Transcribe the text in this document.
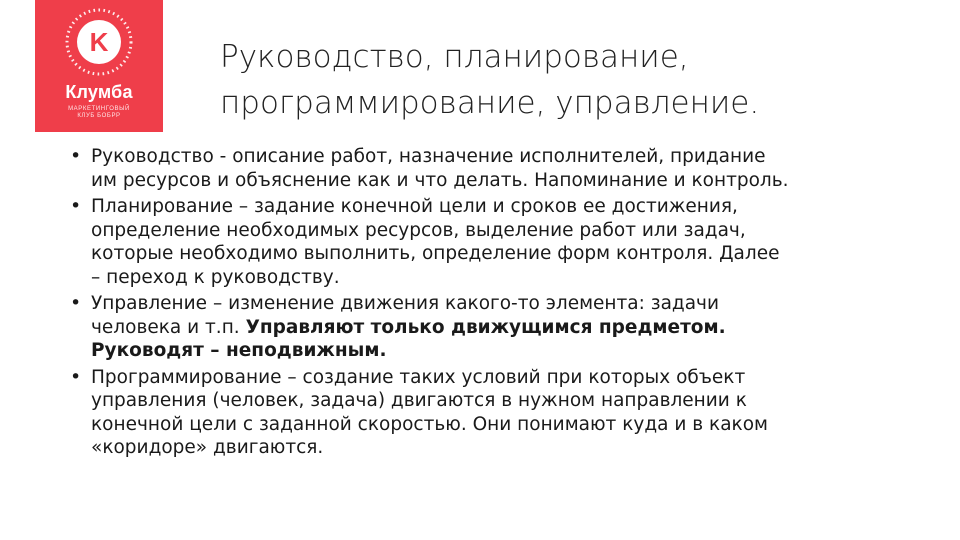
K
Клумба
МАРКЕТИНГОВЫЙ
КЛУБ БОБРР
Руководство, планирование,
программирование, управление.
• Руководство - описание работ, назначение исполнителей, придание
им ресурсов и объяснение как и что делать. Напоминание и контроль.
• Планирование – задание конечной цели и сроков ее достижения,
определение необходимых ресурсов, выделение работ или задач,
которые необходимо выполнить, определение форм контроля. Далее
– переход к руководству.
• Управление – изменение движения какого-то элемента: задачи
человека и т.п. Управляют только движущимся предметом.
Руководят – неподвижным.
• Программирование – создание таких условий при которых объект
управления (человек, задача) двигаются в нужном направлении к
конечной цели с заданной скоростью. Они понимают куда и в каком
«коридоре» двигаются.
